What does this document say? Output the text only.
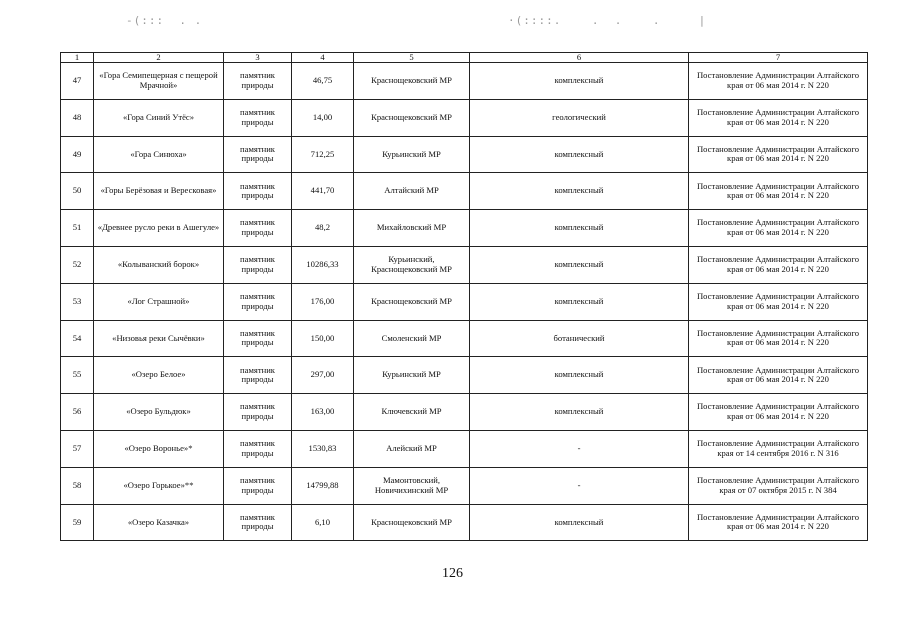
-(:::  . .	·(::::.    .  .    .     |
1	2	3	4	5	6	7
47	«Гора Семипещерная с пещерой Мрачной»	памятник природы	46,75	Краснощековский МР	комплексный	Постановление Администрации Алтайского края от 06 мая 2014 г. N 220
48	«Гора Синий Утёс»	памятник природы	14,00	Краснощековский МР	геологический	Постановление Администрации Алтайского края от 06 мая 2014 г. N 220
49	«Гора Синюха»	памятник природы	712,25	Курьинский МР	комплексный	Постановление Администрации Алтайского края от 06 мая 2014 г. N 220
50	«Горы Берёзовая и Вересковая»	памятник природы	441,70	Алтайский МР	комплексный	Постановление Администрации Алтайского края от 06 мая 2014 г. N 220
51	«Древнее русло реки в Ашегуле»	памятник природы	48,2	Михайловский МР	комплексный	Постановление Администрации Алтайского края от 06 мая 2014 г. N 220
52	«Колыванский борок»	памятник природы	10286,33	Курьинский, Краснощековский МР	комплексный	Постановление Администрации Алтайского края от 06 мая 2014 г. N 220
53	«Лог Страшной»	памятник природы	176,00	Краснощековский МР	комплексный	Постановление Администрации Алтайского края от 06 мая 2014 г. N 220
54	«Низовья реки Сычёвки»	памятник природы	150,00	Смоленский МР	ботанический	Постановление Администрации Алтайского края от 06 мая 2014 г. N 220
55	«Озеро Белое»	памятник природы	297,00	Курьинский МР	комплексный	Постановление Администрации Алтайского края от 06 мая 2014 г. N 220
56	«Озеро Бульдюк»	памятник природы	163,00	Ключевский МР	комплексный	Постановление Администрации Алтайского края от 06 мая 2014 г. N 220
57	«Озеро Воронье»*	памятник природы	1530,83	Алейский МР	-	Постановление Администрации Алтайского края от 14 сентября 2016 г. N 316
58	«Озеро Горькое»**	памятник природы	14799,88	Мамонтовский, Новичихинский МР	-	Постановление Администрации Алтайского края от 07 октября 2015 г. N 384
59	«Озеро Казачка»	памятник природы	6,10	Краснощековский МР	комплексный	Постановление Администрации Алтайского края от 06 мая 2014 г. N 220
126
